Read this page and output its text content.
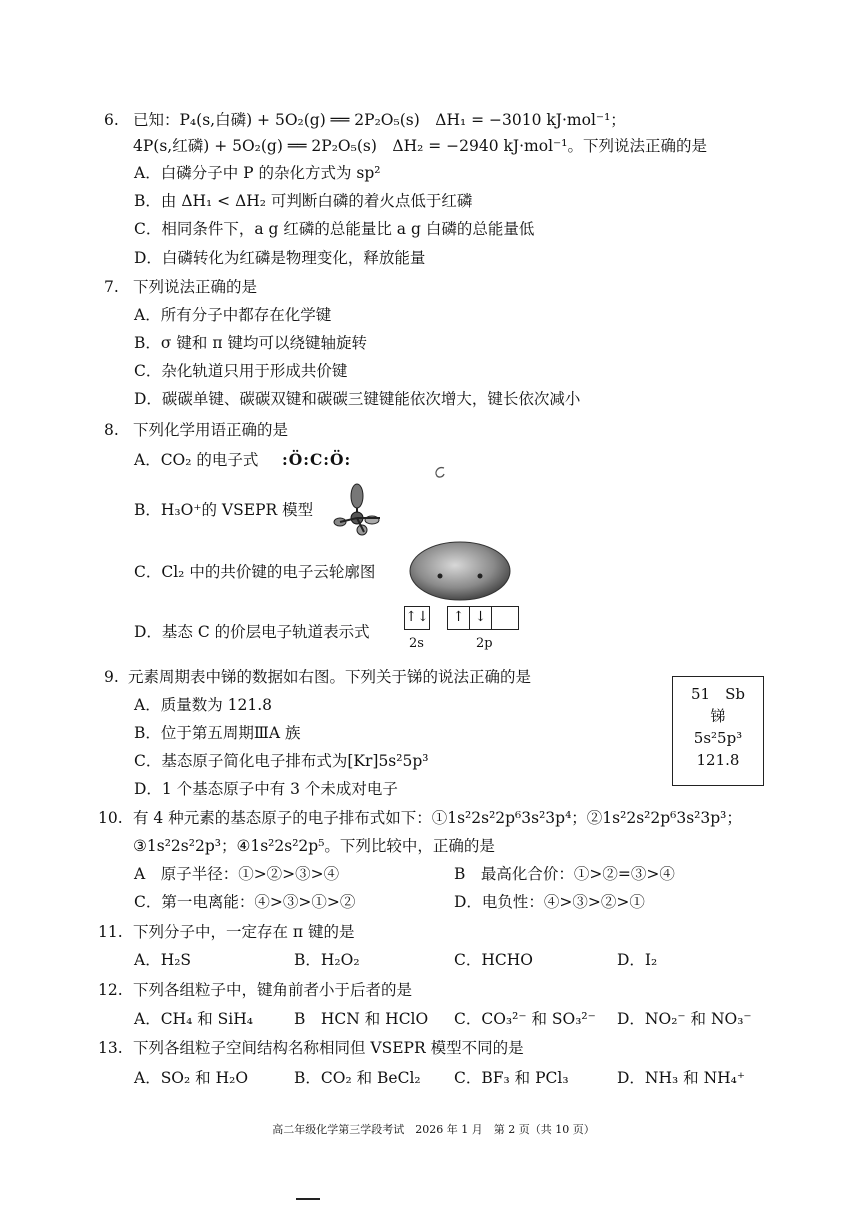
6. 已知：P₄(s,白磷) + 5O₂(g) ══ 2P₂O₅(s)　ΔH₁ = −3010 kJ·mol⁻¹；
4P(s,红磷) + 5O₂(g) ══ 2P₂O₅(s)　ΔH₂ = −2940 kJ·mol⁻¹。下列说法正确的是
A．白磷分子中 P 的杂化方式为 sp²
B．由 ΔH₁ < ΔH₂ 可判断白磷的着火点低于红磷
C．相同条件下，a g 红磷的总能量比 a g 白磷的总能量低
D．白磷转化为红磷是物理变化，释放能量
7. 下列说法正确的是
A．所有分子中都存在化学键
B．σ 键和 π 键均可以绕键轴旋转
C．杂化轨道只用于形成共价键
D．碳碳单键、碳碳双键和碳碳三键键能依次增大，键长依次减小
8. 下列化学用语正确的是
A．CO₂ 的电子式 :Ö:C:Ö:
B．H₃O⁺的 VSEPR 模型
C．Cl₂ 中的共价键的电子云轮廓图
D．基态 C 的价层电子轨道表示式
↑↓	↑ ↓
2s	2p
9. 元素周期表中锑的数据如右图。下列关于锑的说法正确的是
A．质量数为 121.8
B．位于第五周期ⅢA 族
C．基态原子简化电子排布式为[Kr]5s²5p³
D．1 个基态原子中有 3 个未成对电子
51　Sb
锑
5s²5p³
121.8
10. 有 4 种元素的基态原子的电子排布式如下：①1s²2s²2p⁶3s²3p⁴；②1s²2s²2p⁶3s²3p³；
③1s²2s²2p³；④1s²2s²2p⁵。下列比较中，正确的是
A　原子半径：①>②>③>④	B　最高化合价：①>②=③>④
C．第一电离能：④>③>①>②	D．电负性：④>③>②>①
11. 下列分子中，一定存在 π 键的是
A．H₂S	B．H₂O₂	C．HCHO	D．I₂
12. 下列各组粒子中，键角前者小于后者的是
A．CH₄ 和 SiH₄	B　HCN 和 HClO C．CO₃²⁻ 和 SO₃²⁻ D．NO₂⁻ 和 NO₃⁻
13. 下列各组粒子空间结构名称相同但 VSEPR 模型不同的是
A．SO₂ 和 H₂O	B．CO₂ 和 BeCl₂ C．BF₃ 和 PCl₃	D．NH₃ 和 NH₄⁺
高二年级化学第三学段考试　2026 年 1 月　第 2 页（共 10 页）
